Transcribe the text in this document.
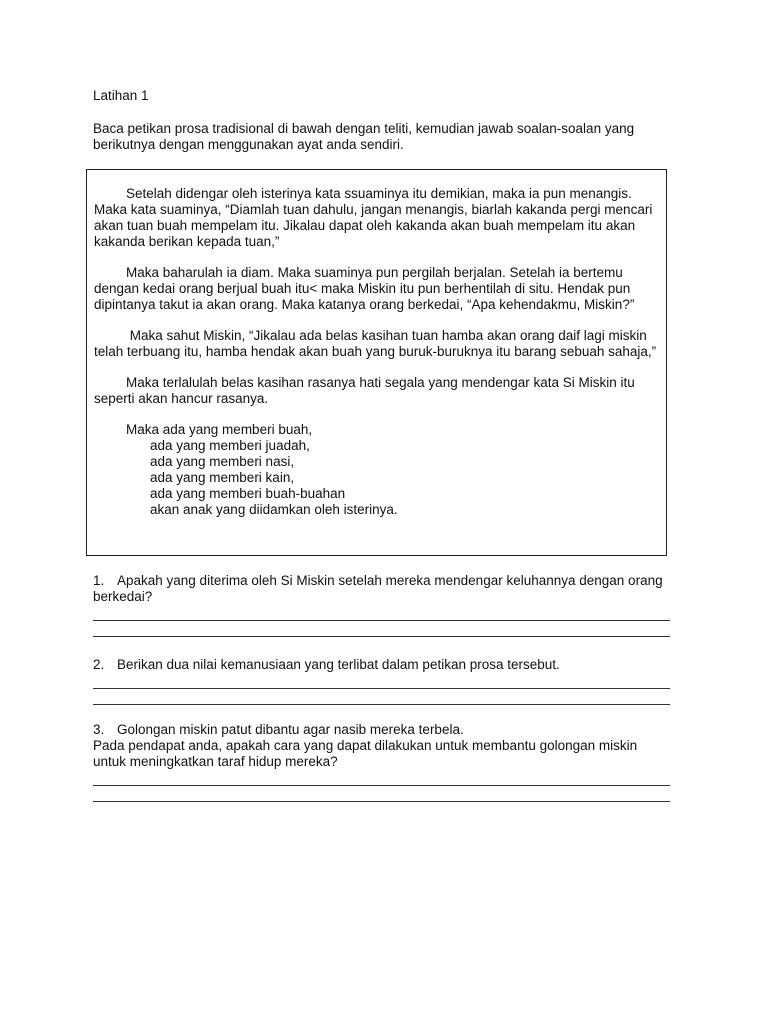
Latihan 1
Baca petikan prosa tradisional di bawah dengan teliti, kemudian jawab soalan-soalan yang berikutnya dengan menggunakan ayat anda sendiri.

Setelah didengar oleh isterinya kata ssuaminya itu demikian, maka ia pun menangis. Maka kata suaminya, “Diamlah tuan dahulu, jangan menangis, biarlah kakanda pergi mencari akan tuan buah mempelam itu. Jikalau dapat oleh kakanda akan buah mempelam itu akan kakanda berikan kepada tuan,”

Maka baharulah ia diam. Maka suaminya pun pergilah berjalan. Setelah ia bertemu dengan kedai orang berjual buah itu< maka Miskin itu pun berhentilah di situ. Hendak pun dipintanya takut ia akan orang. Maka katanya orang berkedai, “Apa kehendakmu, Miskin?”

Maka sahut Miskin, “Jikalau ada belas kasihan tuan hamba akan orang daif lagi miskin telah terbuang itu, hamba hendak akan buah yang buruk-buruknya itu barang sebuah sahaja,”

Maka terlalulah belas kasihan rasanya hati segala yang mendengar kata Si Miskin itu seperti akan hancur rasanya.

Maka ada yang memberi buah,
ada yang memberi juadah,
ada yang memberi nasi,
ada yang memberi kain,
ada yang memberi buah-buahan
akan anak yang diidamkan oleh isterinya.
1. Apakah yang diterima oleh Si Miskin setelah mereka mendengar keluhannya dengan orang berkedai?
2. Berikan dua nilai kemanusiaan yang terlibat dalam petikan prosa tersebut.
3. Golongan miskin patut dibantu agar nasib mereka terbela.
Pada pendapat anda, apakah cara yang dapat dilakukan untuk membantu golongan miskin untuk meningkatkan taraf hidup mereka?
